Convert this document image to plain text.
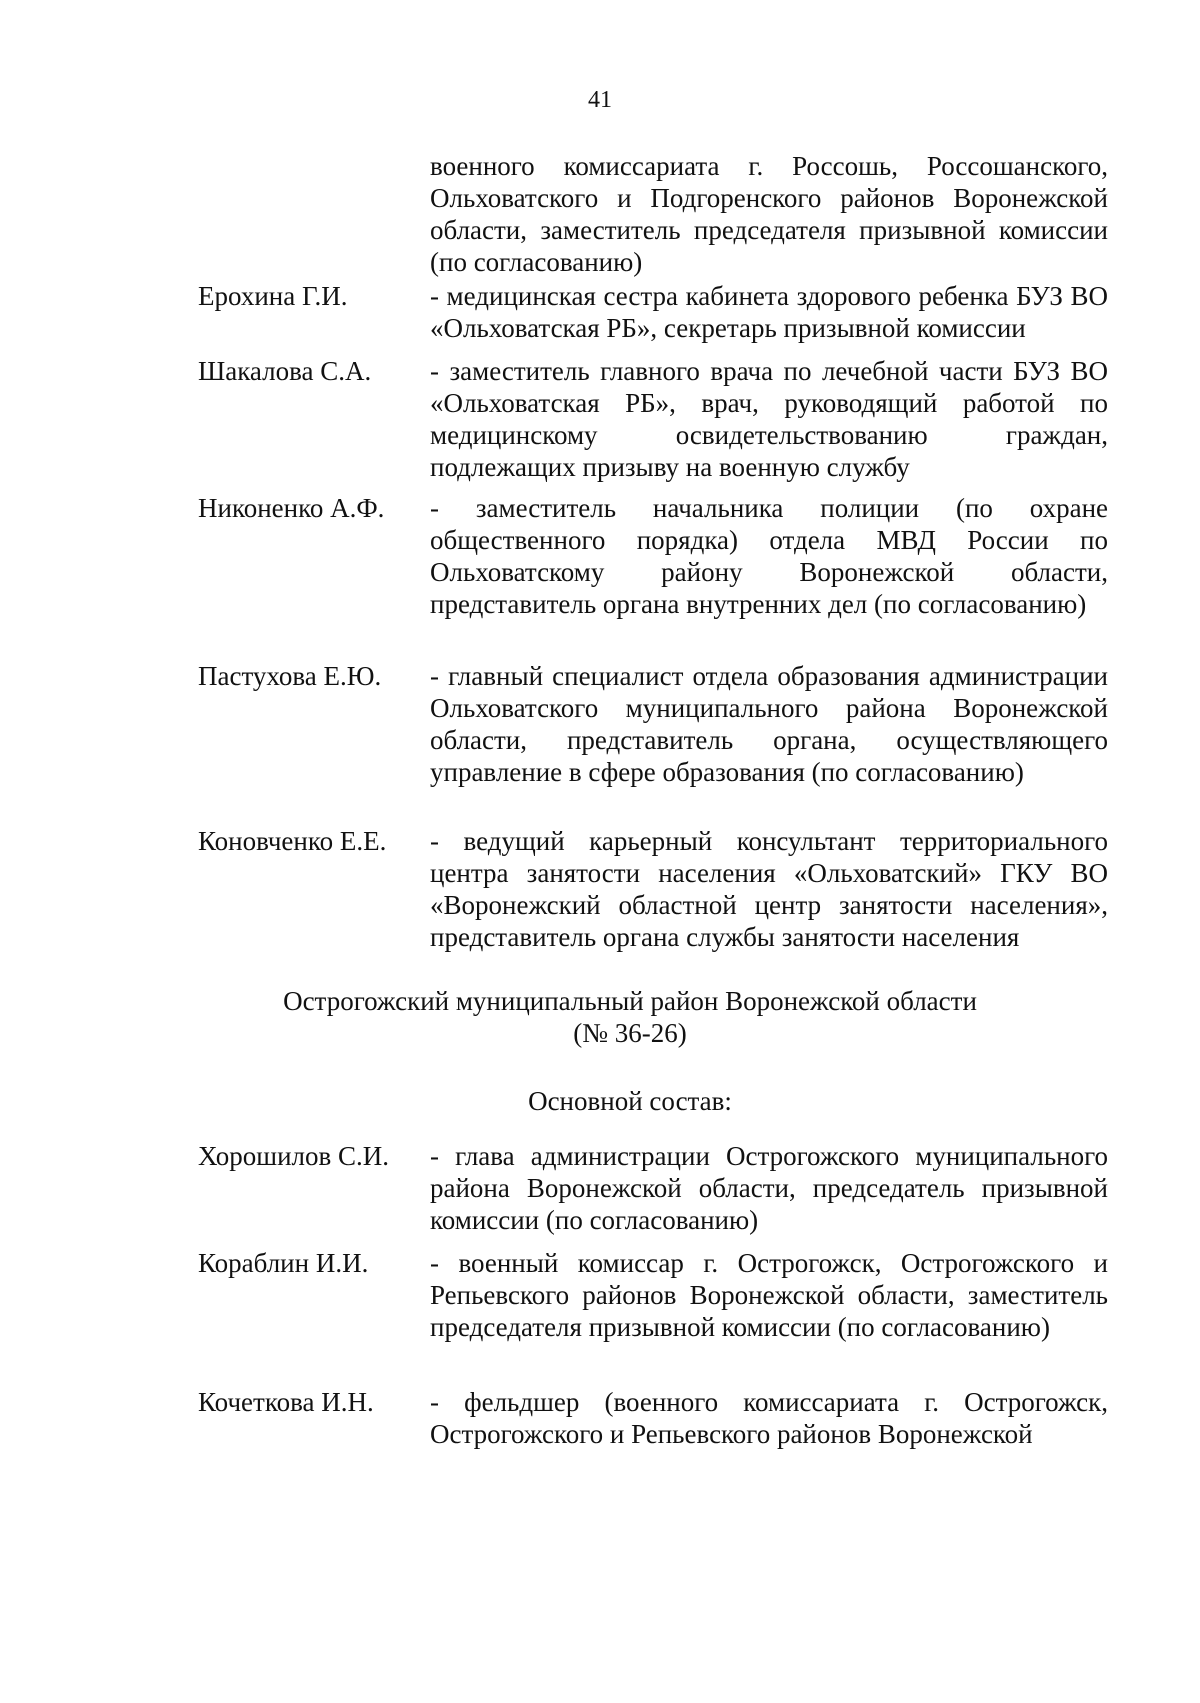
41
военного комиссариата г. Россошь, Россошанского, Ольховатского и Подгоренского районов Воронежской области, заместитель председателя призывной комиссии (по согласованию)
Ерохина Г.И.	- медицинская сестра кабинета здорового ребенка БУЗ ВО «Ольховатская РБ», секретарь призывной комиссии
Шакалова С.А.	- заместитель главного врача по лечебной части БУЗ ВО «Ольховатская РБ», врач, руководящий работой по медицинскому освидетельствованию граждан, подлежащих призыву на военную службу
Никоненко А.Ф.	- заместитель начальника полиции (по охране общественного порядка) отдела МВД России по Ольховатскому району Воронежской области, представитель органа внутренних дел (по согласованию)
Пастухова Е.Ю.	- главный специалист отдела образования администрации Ольховатского муниципального района Воронежской области, представитель органа, осуществляющего управление в сфере образования (по согласованию)
Коновченко Е.Е.	- ведущий карьерный консультант территориального центра занятости населения «Ольховатский» ГКУ ВО «Воронежский областной центр занятости населения», представитель органа службы занятости населения
Острогожский муниципальный район Воронежской области
(№ 36-26)
Основной состав:
Хорошилов С.И.	- глава администрации Острогожского муниципального района Воронежской области, председатель призывной комиссии (по согласованию)
Кораблин И.И.	- военный комиссар г. Острогожск, Острогожского и Репьевского районов Воронежской области, заместитель председателя призывной комиссии (по согласованию)
Кочеткова И.Н.	- фельдшер (военного комиссариата г. Острогожск, Острогожского и Репьевского районов Воронежской
